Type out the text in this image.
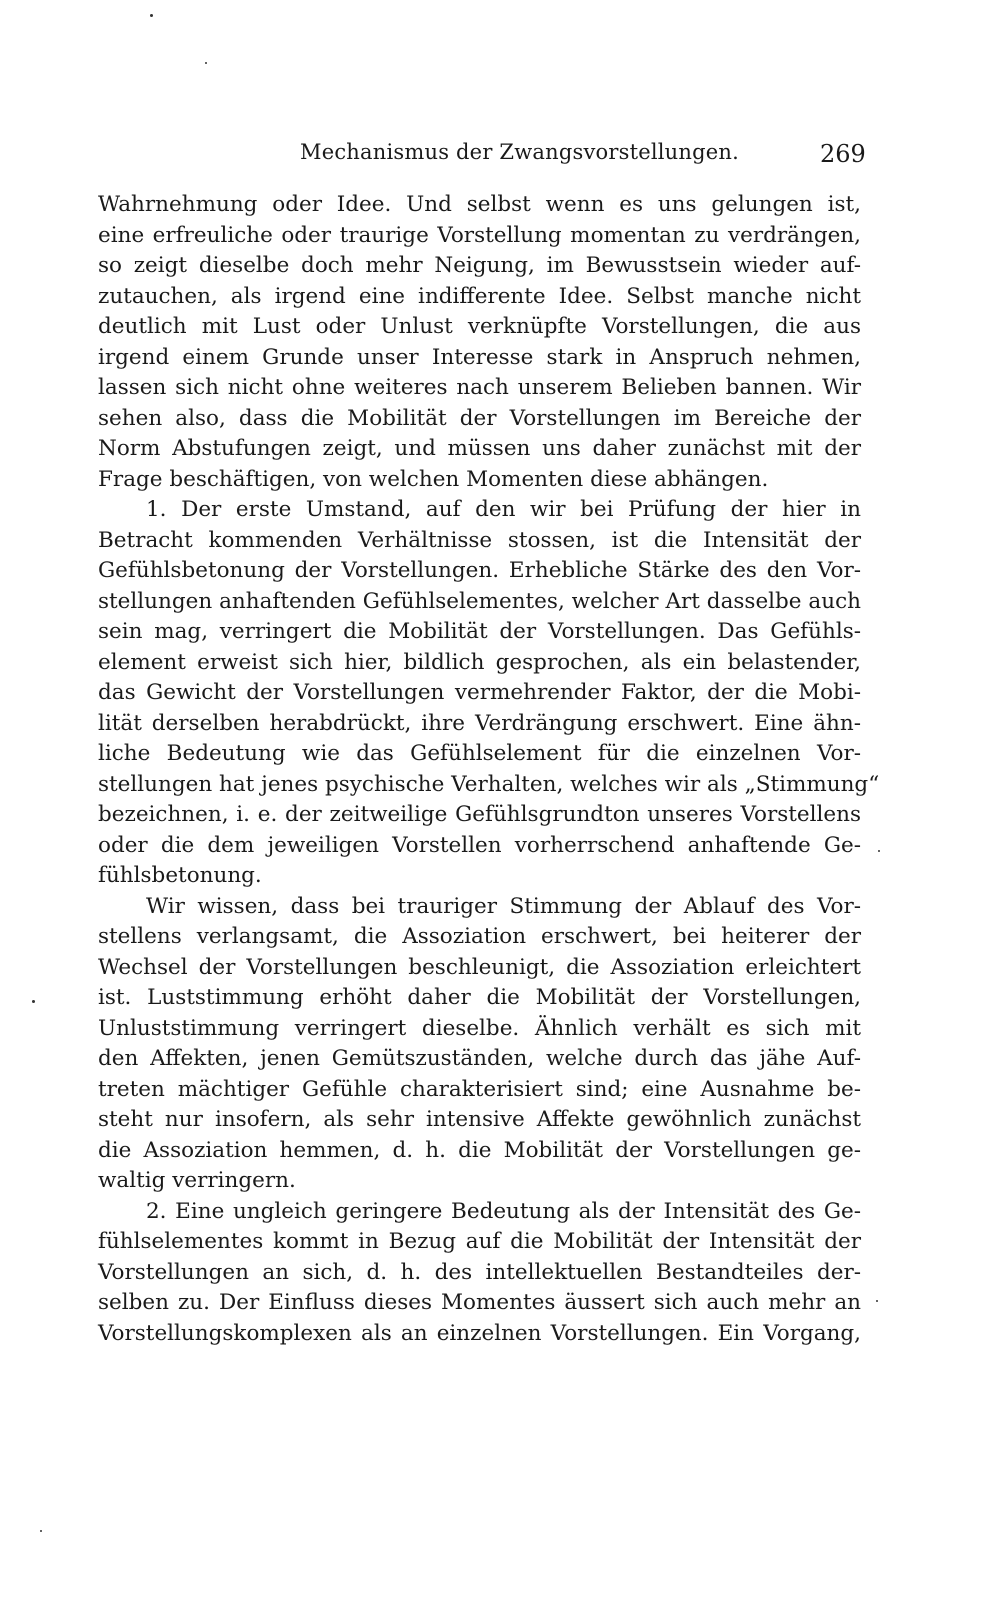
Mechanismus der Zwangsvorstellungen.	269
Wahrnehmung oder Idee. Und selbst wenn es uns gelungen ist,
eine erfreuliche oder traurige Vorstellung momentan zu verdrängen,
so zeigt dieselbe doch mehr Neigung, im Bewusstsein wieder auf-
zutauchen, als irgend eine indifferente Idee. Selbst manche nicht
deutlich mit Lust oder Unlust verknüpfte Vorstellungen, die aus
irgend einem Grunde unser Interesse stark in Anspruch nehmen,
lassen sich nicht ohne weiteres nach unserem Belieben bannen. Wir
sehen also, dass die Mobilität der Vorstellungen im Bereiche der
Norm Abstufungen zeigt, und müssen uns daher zunächst mit der
Frage beschäftigen, von welchen Momenten diese abhängen.
1. Der erste Umstand, auf den wir bei Prüfung der hier in
Betracht kommenden Verhältnisse stossen, ist die Intensität der
Gefühlsbetonung der Vorstellungen. Erhebliche Stärke des den Vor-
stellungen anhaftenden Gefühlselementes, welcher Art dasselbe auch
sein mag, verringert die Mobilität der Vorstellungen. Das Gefühls-
element erweist sich hier, bildlich gesprochen, als ein belastender,
das Gewicht der Vorstellungen vermehrender Faktor, der die Mobi-
lität derselben herabdrückt, ihre Verdrängung erschwert. Eine ähn-
liche Bedeutung wie das Gefühlselement für die einzelnen Vor-
stellungen hat jenes psychische Verhalten, welches wir als „Stimmung“
bezeichnen, i. e. der zeitweilige Gefühlsgrundton unseres Vorstellens
oder die dem jeweiligen Vorstellen vorherrschend anhaftende Ge-
fühlsbetonung.
Wir wissen, dass bei trauriger Stimmung der Ablauf des Vor-
stellens verlangsamt, die Assoziation erschwert, bei heiterer der
Wechsel der Vorstellungen beschleunigt, die Assoziation erleichtert
ist. Luststimmung erhöht daher die Mobilität der Vorstellungen,
Unluststimmung verringert dieselbe. Ähnlich verhält es sich mit
den Affekten, jenen Gemütszuständen, welche durch das jähe Auf-
treten mächtiger Gefühle charakterisiert sind; eine Ausnahme be-
steht nur insofern, als sehr intensive Affekte gewöhnlich zunächst
die Assoziation hemmen, d. h. die Mobilität der Vorstellungen ge-
waltig verringern.
2. Eine ungleich geringere Bedeutung als der Intensität des Ge-
fühlselementes kommt in Bezug auf die Mobilität der Intensität der
Vorstellungen an sich, d. h. des intellektuellen Bestandteiles der-
selben zu. Der Einfluss dieses Momentes äussert sich auch mehr an
Vorstellungskomplexen als an einzelnen Vorstellungen. Ein Vorgang,
